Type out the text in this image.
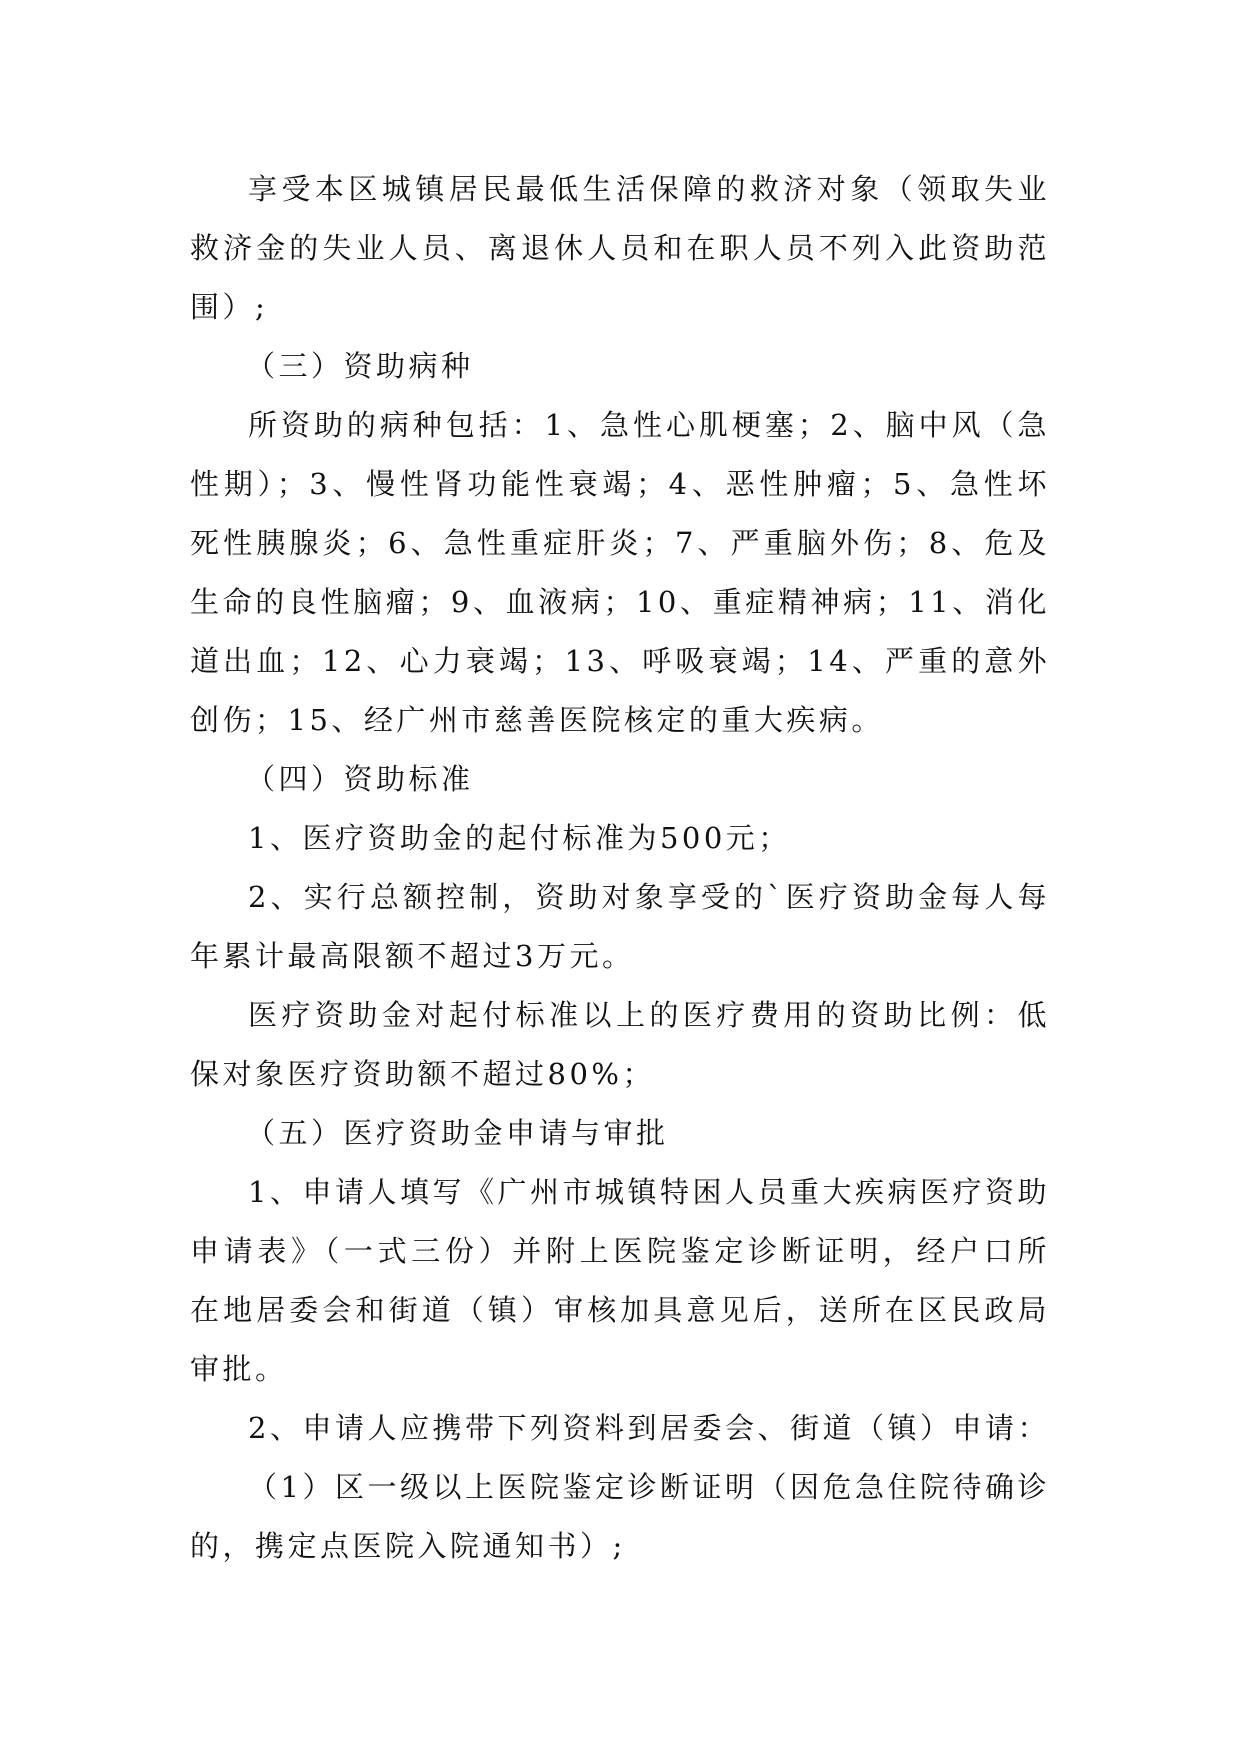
享受本区城镇居民最低生活保障的救济对象（领取失业救济金的失业人员、离退休人员和在职人员不列入此资助范围）;

（三）资助病种

所资助的病种包括：1、急性心肌梗塞；2、脑中风（急性期）；3、慢性肾功能性衰竭；4、恶性肿瘤；5、急性坏死性胰腺炎；6、急性重症肝炎；7、严重脑外伤；8、危及生命的良性脑瘤；9、血液病；10、重症精神病；11、消化道出血；12、心力衰竭；13、呼吸衰竭；14、严重的意外创伤；15、经广州市慈善医院核定的重大疾病。

（四）资助标准

1、医疗资助金的起付标准为500元；

2、实行总额控制，资助对象享受的`医疗资助金每人每年累计最高限额不超过3万元。

医疗资助金对起付标准以上的医疗费用的资助比例：低保对象医疗资助额不超过80%；

（五）医疗资助金申请与审批

1、申请人填写《广州市城镇特困人员重大疾病医疗资助申请表》（一式三份）并附上医院鉴定诊断证明，经户口所在地居委会和街道（镇）审核加具意见后，送所在区民政局审批。

2、申请人应携带下列资料到居委会、街道（镇）申请：

（1）区一级以上医院鉴定诊断证明（因危急住院待确诊的，携定点医院入院通知书）;
